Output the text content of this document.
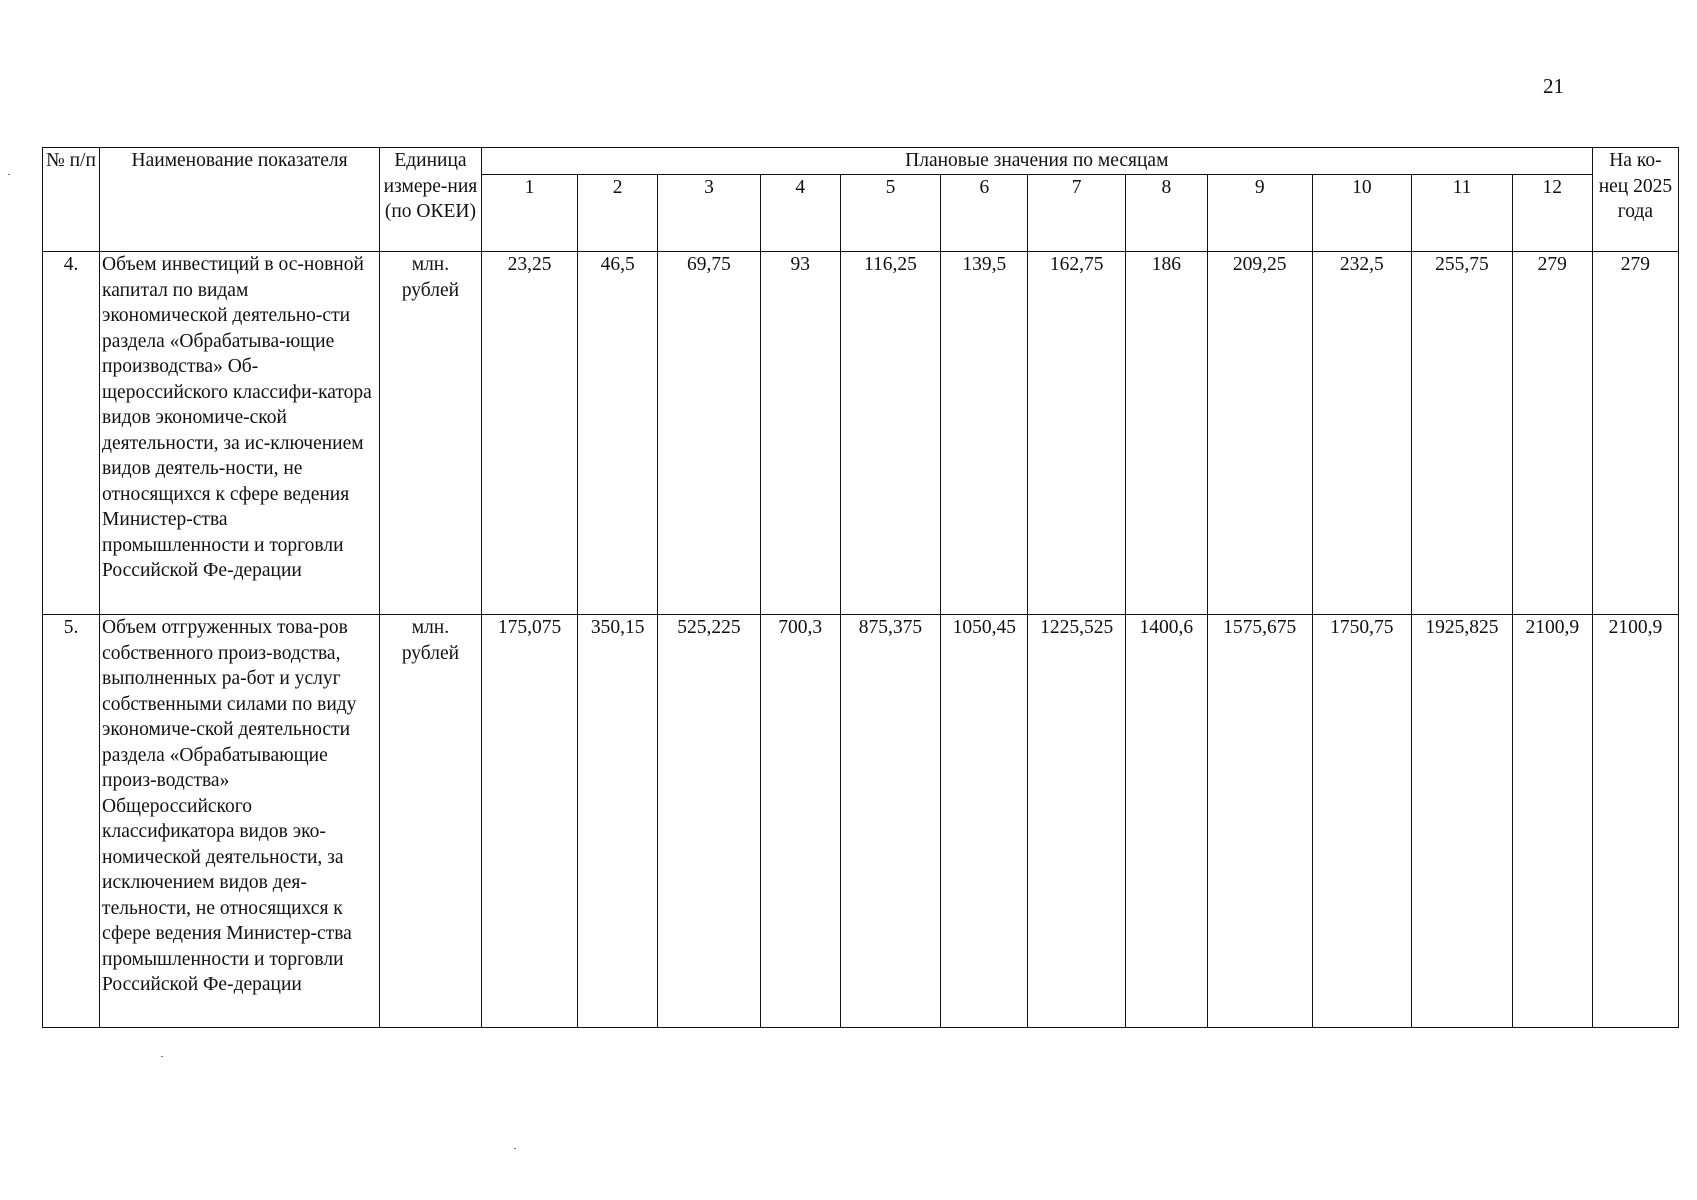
21
№ п/п	Наименование показателя	Единица измере-ния (по ОКЕИ)	Плановые значения по месяцам												На ко-нец 2025 года
			1	2	3	4	5	6	7	8	9	10	11	12	
4.	Объем инвестиций в ос-новной капитал по видам экономической деятельно-сти раздела «Обрабатыва-ющие производства» Об-щероссийского классифи-катора видов экономиче-ской деятельности, за ис-ключением видов деятель-ности, не относящихся к сфере ведения Министер-ства промышленности и торговли Российской Фе-дерации	млн. рублей	23,25	46,5	69,75	93	116,25	139,5	162,75	186	209,25	232,5	255,75	279	279
5.	Объем отгруженных това-ров собственного произ-водства, выполненных ра-бот и услуг собственными силами по виду экономиче-ской деятельности раздела «Обрабатывающие произ-водства» Общероссийского классификатора видов эко-номической деятельности, за исключением видов дея-тельности, не относящихся к сфере ведения Министер-ства промышленности и торговли Российской Фе-дерации	млн. рублей	175,075	350,15	525,225	700,3	875,375	1050,45	1225,525	1400,6	1575,675	1750,75	1925,825	2100,9	2100,9
